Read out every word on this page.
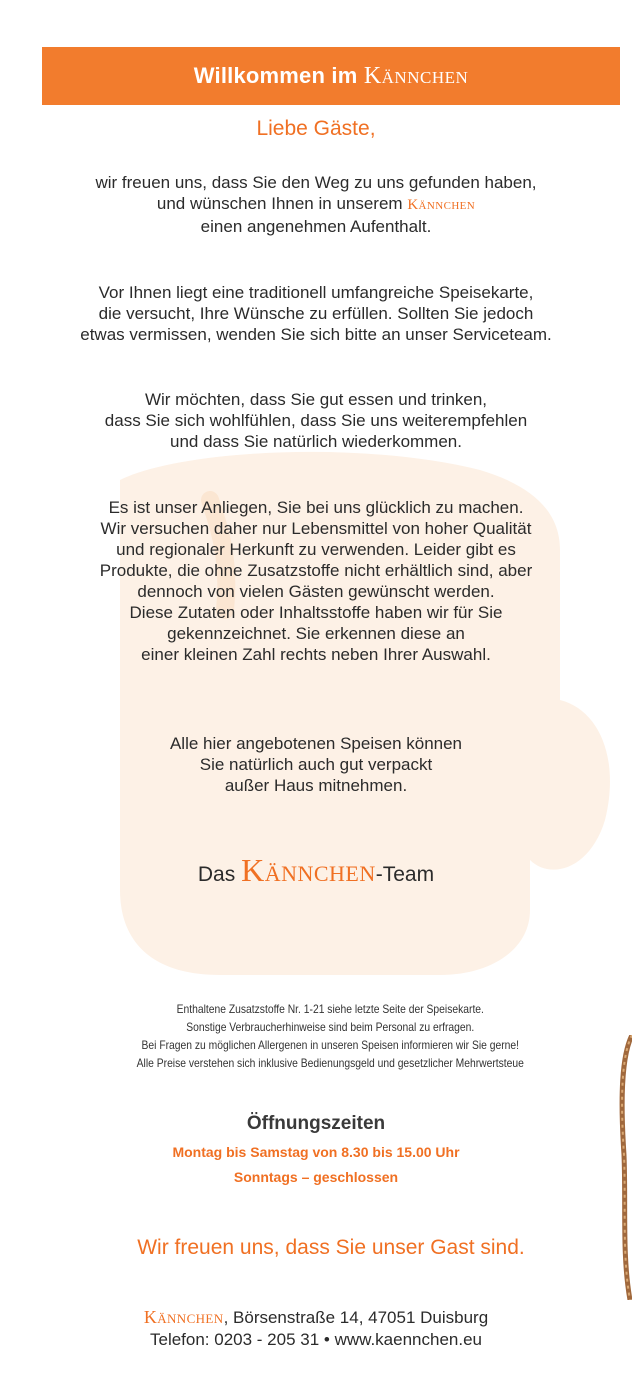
Willkommen im Kännchen
Liebe Gäste,
wir freuen uns, dass Sie den Weg zu uns gefunden haben,
und wünschen Ihnen in unserem Kännchen
einen angenehmen Aufenthalt.
Vor Ihnen liegt eine traditionell umfangreiche Speisekarte,
die versucht, Ihre Wünsche zu erfüllen. Sollten Sie jedoch
etwas vermissen, wenden Sie sich bitte an unser Serviceteam.
Wir möchten, dass Sie gut essen und trinken,
dass Sie sich wohlfühlen, dass Sie uns weiterempfehlen
und dass Sie natürlich wiederkommen.
Es ist unser Anliegen, Sie bei uns glücklich zu machen.
Wir versuchen daher nur Lebensmittel von hoher Qualität
und regionaler Herkunft zu verwenden. Leider gibt es
Produkte, die ohne Zusatzstoffe nicht erhältlich sind, aber
dennoch von vielen Gästen gewünscht werden.
Diese Zutaten oder Inhaltsstoffe haben wir für Sie
gekennzeichnet. Sie erkennen diese an
einer kleinen Zahl rechts neben Ihrer Auswahl.
Alle hier angebotenen Speisen können
Sie natürlich auch gut verpackt
außer Haus mitnehmen.
Das Kännchen-Team
Enthaltene Zusatzstoffe Nr. 1-21 siehe letzte Seite der Speisekarte.
Sonstige Verbraucherhinweise sind beim Personal zu erfragen.
Bei Fragen zu möglichen Allergenen in unseren Speisen informieren wir Sie gerne!
Alle Preise verstehen sich inklusive Bedienungsgeld und gesetzlicher Mehrwertsteue
Öffnungszeiten
Montag bis Samstag von 8.30 bis 15.00 Uhr
Sonntags – geschlossen
Wir freuen uns, dass Sie unser Gast sind.
Kännchen, Börsenstraße 14, 47051 Duisburg
Telefon: 0203 - 205 31 • www.kaennchen.eu
